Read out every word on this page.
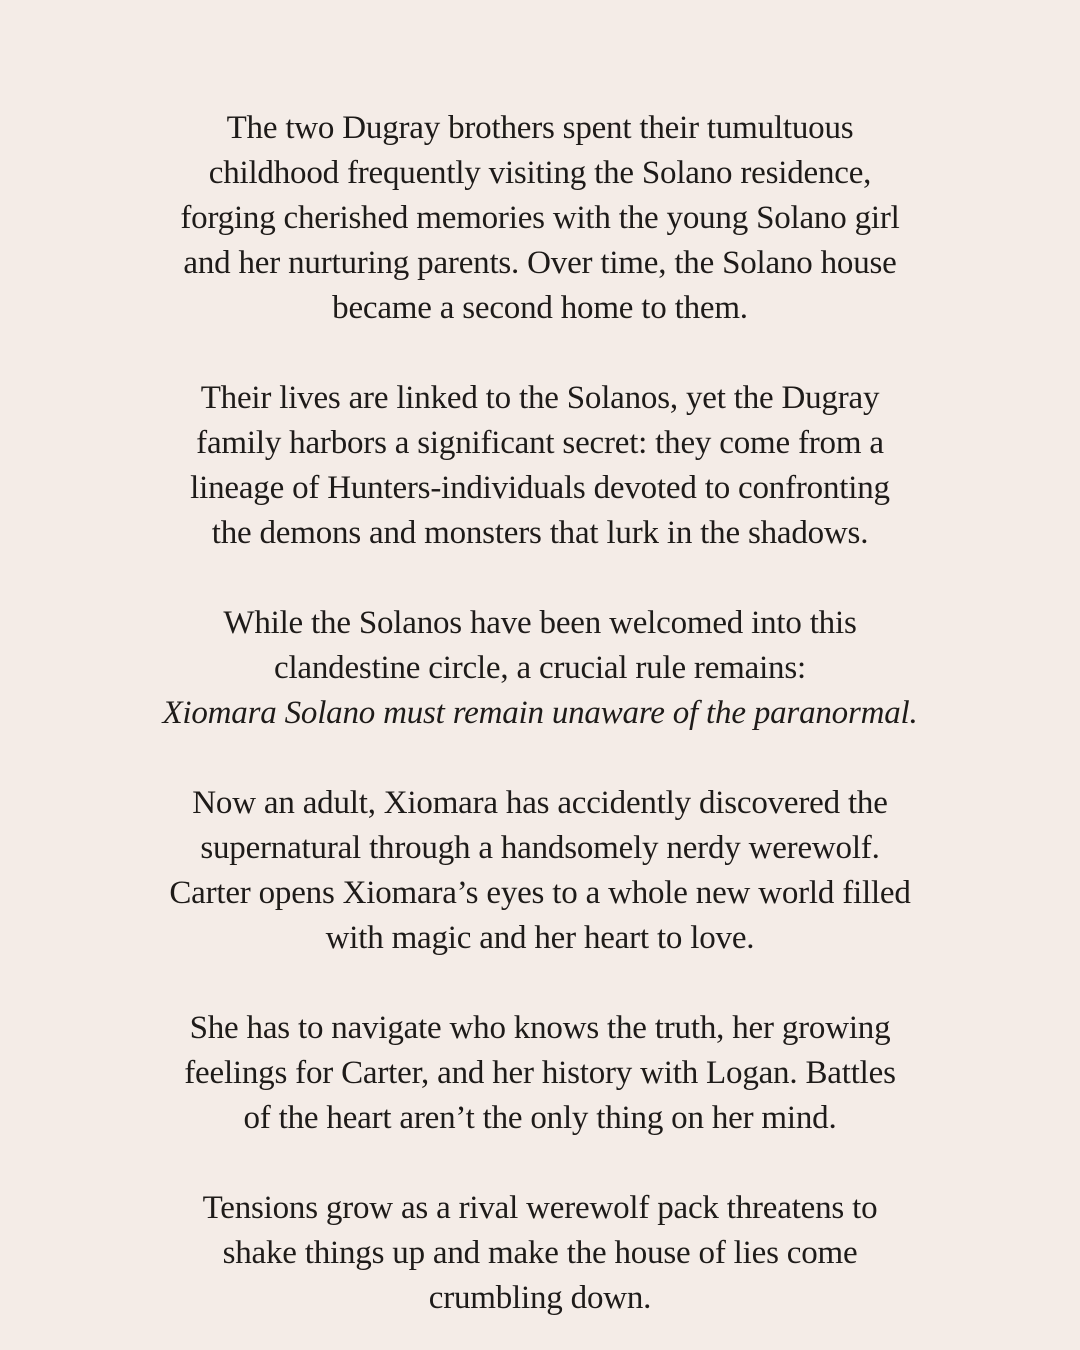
The two Dugray brothers spent their tumultuous
childhood frequently visiting the Solano residence,
forging cherished memories with the young Solano girl
and her nurturing parents. Over time, the Solano house
became a second home to them.

Their lives are linked to the Solanos, yet the Dugray
family harbors a significant secret: they come from a
lineage of Hunters-individuals devoted to confronting
the demons and monsters that lurk in the shadows.

While the Solanos have been welcomed into this
clandestine circle, a crucial rule remains:
Xiomara Solano must remain unaware of the paranormal.

Now an adult, Xiomara has accidently discovered the
supernatural through a handsomely nerdy werewolf.
Carter opens Xiomara’s eyes to a whole new world filled
with magic and her heart to love.

She has to navigate who knows the truth, her growing
feelings for Carter, and her history with Logan. Battles
of the heart aren’t the only thing on her mind.

Tensions grow as a rival werewolf pack threatens to
shake things up and make the house of lies come
crumbling down.
